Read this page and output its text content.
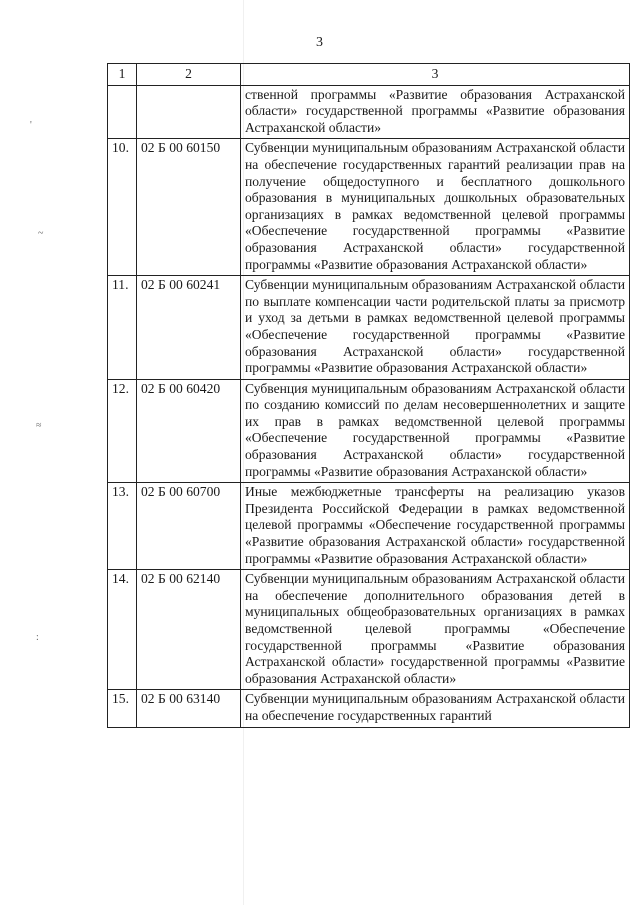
'
~
≈
:
3
1	2	3
		ственной программы «Развитие образования Астраханской области» государственной программы «Развитие образования Астраханской области»
10.	02 Б 00 60150	Субвенции муниципальным образованиям Астраханской области на обеспечение государственных гарантий реализации прав на получение общедоступного и бесплатного дошкольного образования в муниципальных дошкольных образовательных организациях в рамках ведомственной целевой программы «Обеспечение государственной программы «Развитие образования Астраханской области» государственной программы «Развитие образования Астраханской области»
11.	02 Б 00 60241	Субвенции муниципальным образованиям Астраханской области по выплате компенсации части родительской платы за присмотр и уход за детьми в рамках ведомственной целевой программы «Обеспечение государственной программы «Развитие образования Астраханской области» государственной программы «Развитие образования Астраханской области»
12.	02 Б 00 60420	Субвенция муниципальным образованиям Астраханской области по созданию комиссий по делам несовершеннолетних и защите их прав в рамках ведомственной целевой программы «Обеспечение государственной программы «Развитие образования Астраханской области» государственной программы «Развитие образования Астраханской области»
13.	02 Б 00 60700	Иные межбюджетные трансферты на реализацию указов Президента Российской Федерации в рамках ведомственной целевой программы «Обеспечение государственной программы «Развитие образования Астраханской области» государственной программы «Развитие образования Астраханской области»
14.	02 Б 00 62140	Субвенции муниципальным образованиям Астраханской области на обеспечение дополнительного образования детей в муниципальных общеобразовательных организациях в рамках ведомственной целевой программы «Обеспечение государственной программы «Развитие образования Астраханской области» государственной программы «Развитие образования Астраханской области»
15.	02 Б 00 63140	Субвенции муниципальным образованиям Астраханской области на обеспечение государственных гарантий
